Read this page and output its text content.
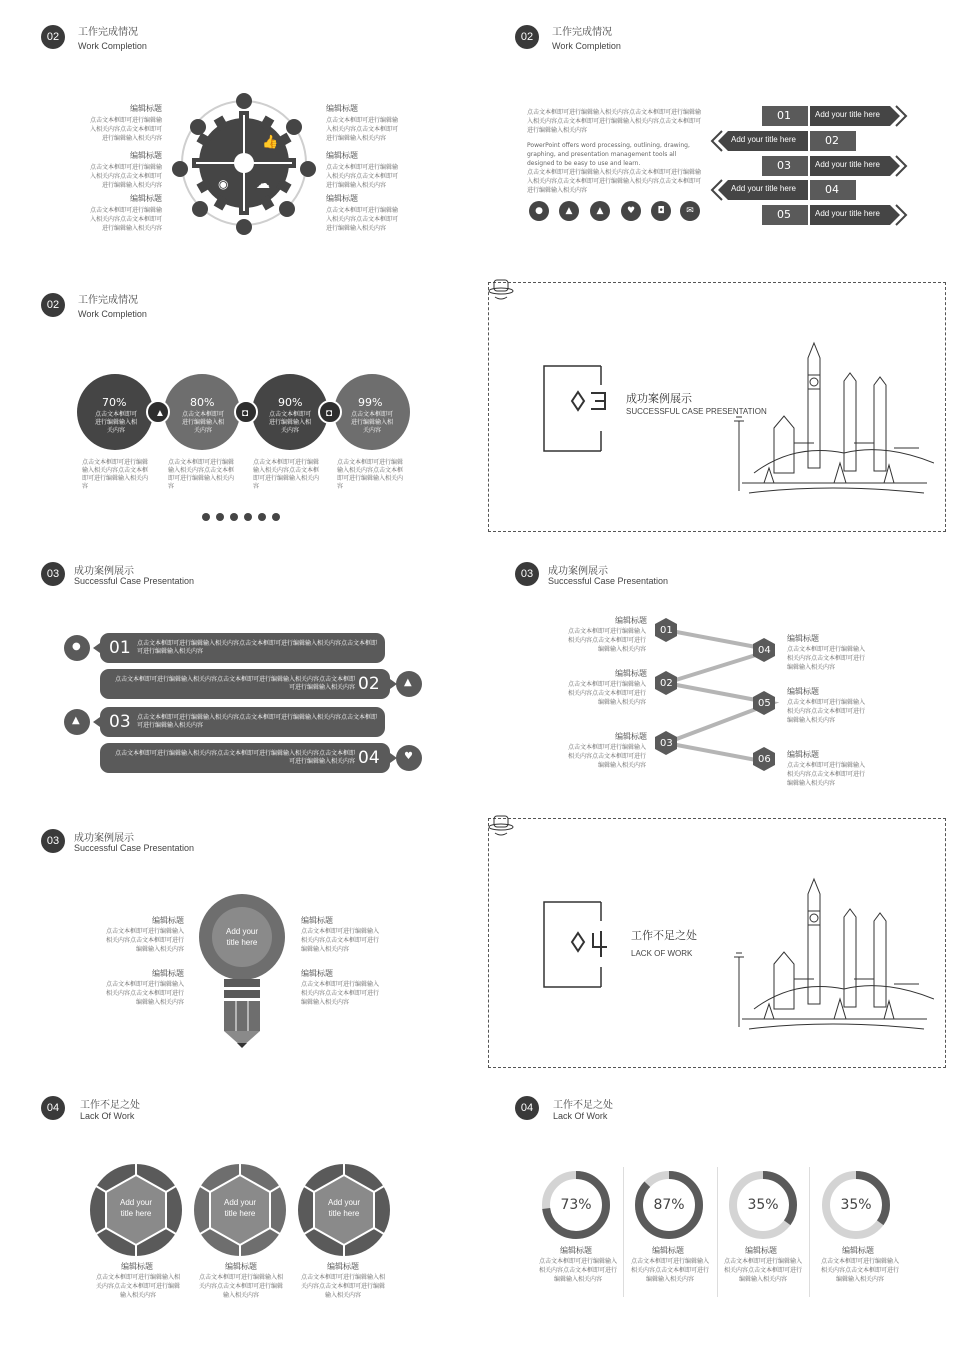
02	工作完成情况
Work Completion
编辑标题
点击文本框即可进行编辑输入相关内容点击文本框即可进行编辑输入相关内容
编辑标题
点击文本框即可进行编辑输入相关内容点击文本框即可进行编辑输入相关内容
编辑标题
点击文本框即可进行编辑输入相关内容点击文本框即可进行编辑输入相关内容
编辑标题
点击文本框即可进行编辑输入相关内容点击文本框即可进行编辑输入相关内容
编辑标题
点击文本框即可进行编辑输入相关内容点击文本框即可进行编辑输入相关内容
编辑标题
点击文本框即可进行编辑输入相关内容点击文本框即可进行编辑输入相关内容
👍
◉ ☁
02	工作完成情况
Work Completion
点击文本框即可进行编辑输入相关内容点击文本框即可进行编辑输入相关内容点击文本框即可进行编辑输入相关内容点击文本框即可进行编辑输入相关内容
PowerPoint offers word processing, outlining, drawing, graphing, and presentation management tools all designed to be easy to use and learn.
点击文本框即可进行编辑输入相关内容点击文本框即可进行编辑输入相关内容点击文本框即可进行编辑输入相关内容点击文本框即可进行编辑输入相关内容
●	▲	▲	♥	◘	✉
01	Add your title here
Add your title here	02
03	Add your title here
Add your title here	04
05	Add your title here
02	工作完成情况
Work Completion
▲	◘	◘
70%	80%	90%	99%
点击文本框即可进行编辑输入相关内容
点击文本框即可进行编辑输入相关内容
点击文本框即可进行编辑输入相关内容
点击文本框即可进行编辑输入相关内容
点击文本框即可进行编辑输入相关内容点击文本框即可进行编辑输入相关内容
点击文本框即可进行编辑输入相关内容点击文本框即可进行编辑输入相关内容
点击文本框即可进行编辑输入相关内容点击文本框即可进行编辑输入相关内容
点击文本框即可进行编辑输入相关内容点击文本框即可进行编辑输入相关内容
成功案例展示
SUCCESSFUL CASE PRESENTATION
03	成功案例展示
Successful Case Presentation
●
▲
▲
♥
01 点击文本框即可进行编辑输入相关内容点击文本框即可进行编辑输入相关内容点击文本框即可进行编辑输入相关内容
点击文本框即可进行编辑输入相关内容点击文本框即可进行编辑输入相关内容点击文本框即可进行编辑输入相关内容 02
03 点击文本框即可进行编辑输入相关内容点击文本框即可进行编辑输入相关内容点击文本框即可进行编辑输入相关内容
点击文本框即可进行编辑输入相关内容点击文本框即可进行编辑输入相关内容点击文本框即可进行编辑输入相关内容 04
03	成功案例展示
Successful Case Presentation
01
02
03
04
05
06
编辑标题
点击文本框即可进行编辑输入相关内容点击文本框即可进行编辑输入相关内容
编辑标题
点击文本框即可进行编辑输入相关内容点击文本框即可进行编辑输入相关内容
编辑标题
点击文本框即可进行编辑输入相关内容点击文本框即可进行编辑输入相关内容
编辑标题
点击文本框即可进行编辑输入相关内容点击文本框即可进行编辑输入相关内容
编辑标题
点击文本框即可进行编辑输入相关内容点击文本框即可进行编辑输入相关内容
编辑标题
点击文本框即可进行编辑输入相关内容点击文本框即可进行编辑输入相关内容
03	成功案例展示
Successful Case Presentation
Add your
title here
编辑标题
点击文本框即可进行编辑输入相关内容点击文本框即可进行编辑输入相关内容
编辑标题
点击文本框即可进行编辑输入相关内容点击文本框即可进行编辑输入相关内容
编辑标题
点击文本框即可进行编辑输入相关内容点击文本框即可进行编辑输入相关内容
编辑标题
点击文本框即可进行编辑输入相关内容点击文本框即可进行编辑输入相关内容
工作不足之处
LACK OF WORK
04	工作不足之处
Lack Of Work
Add your
title here
Add your
title here
Add your
title here
编辑标题
点击文本框即可进行编辑输入相关内容点击文本框即可进行编辑输入相关内容
编辑标题
点击文本框即可进行编辑输入相关内容点击文本框即可进行编辑输入相关内容
编辑标题
点击文本框即可进行编辑输入相关内容点击文本框即可进行编辑输入相关内容
04	工作不足之处
Lack Of Work
73%	87%	35%	35%
编辑标题
点击文本框即可进行编辑输入相关内容点击文本框即可进行编辑输入相关内容
编辑标题
点击文本框即可进行编辑输入相关内容点击文本框即可进行编辑输入相关内容
编辑标题
点击文本框即可进行编辑输入相关内容点击文本框即可进行编辑输入相关内容
编辑标题
点击文本框即可进行编辑输入相关内容点击文本框即可进行编辑输入相关内容
